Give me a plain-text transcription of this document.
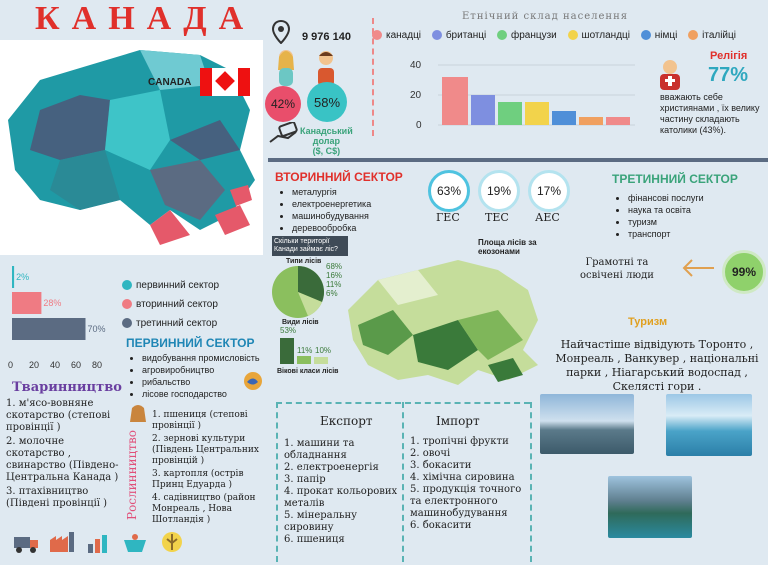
КАНАДА
CANADA
9 976 140
42%	58%
Канадський
долар
($, C$)
Етнічний склад населення
канадці британці французи шотландці німці італійці
40
20
0
Релігія
77%
вважають себе християнами , їх велику частину складають католики (43%).
ВТОРИННИЙ СЕКТОР
• металургія
• електроенергетика
• машинобудування
• деревообробка
63%	19%	17%
ГЕС ТЕС АЕС
ТРЕТИННИЙ СЕКТОР
• фінансові послуги
• наука та освіта
• туризм
• транспорт
Грамотні та
освічені люди	99%
Скільки території Канади займає ліс?
Типи лісів
68%
16%
11%
6%
Види лісів
53%
11% 10%
Вікові класи лісів
Площа лісів за екозонами
2%
28%
70%
0 20 40 60 80
первинний сектор
вторинний сектор
третинний сектор
ПЕРВИННИЙ СЕКТОР
• видобування промисловість
• агровиробництво
• рибальство
• лісове господарство
Тваринництво
1. м'ясо-вовняне скотарство (степові провінції )
2. молочне скотарство , свинарство (Південо-Центральна Канада )
3. птахівництво (Південі провінції )	Рослинництво
1. пшениця (степові провінції )
2. зернові культури (Південь Центральних провінцій )
3. картопля (острів Принц Едуарда )
4. садівництво (район Монреаль , Нова Шотландія )
Експорт
1. машини та обладнання
2. електроенергія
3. папір
4. прокат кольорових металів
5. мінеральну сировину
6. пшениця
Імпорт
1. тропічні фрукти
2. овочі
3. бокасити
4. хімічна сировина
5. продукція точного та електронного машинобудування
6. бокасити
Туризм
Найчастіше відвідують Торонто , Монреаль , Ванкувер , національні парки , Ніагарський водоспад , Скелясті гори .
